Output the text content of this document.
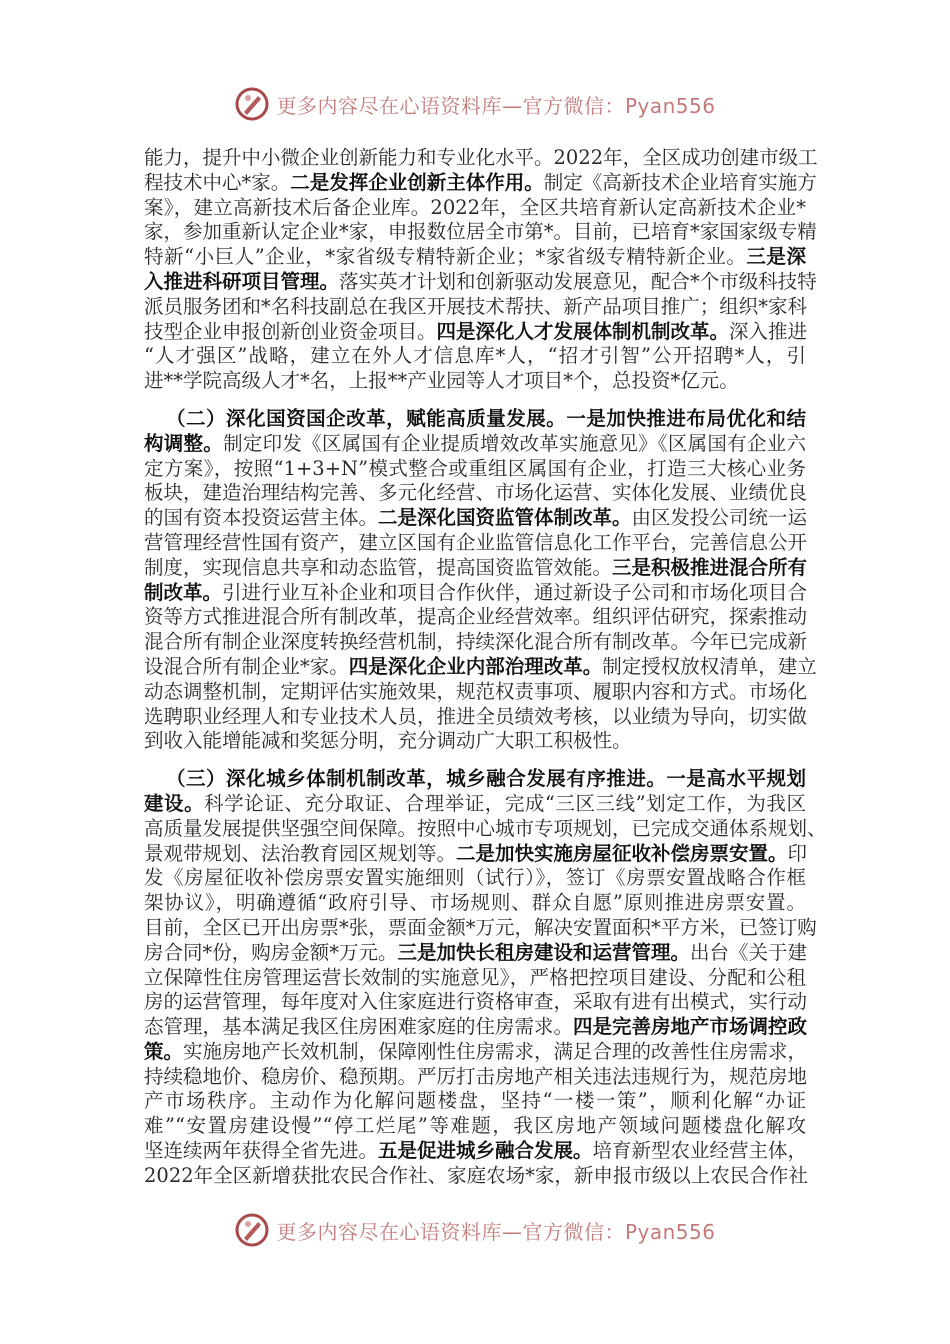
更多内容尽在心语资料库—官方微信：Pyan556
能力，提升中小微企业创新能力和专业化水平。2022年，全区成功创建市级工
程技术中心*家。二是发挥企业创新主体作用。制定《高新技术企业培育实施方
案》，建立高新技术后备企业库。2022年，全区共培育新认定高新技术企业*
家，参加重新认定企业*家，申报数位居全市第*。目前，已培育*家国家级专精
特新“小巨人”企业，*家省级专精特新企业；*家省级专精特新企业。三是深
入推进科研项目管理。落实英才计划和创新驱动发展意见，配合*个市级科技特
派员服务团和*名科技副总在我区开展技术帮扶、新产品项目推广；组织*家科
技型企业申报创新创业资金项目。四是深化人才发展体制机制改革。深入推进
“人才强区”战略，建立在外人才信息库*人，“招才引智”公开招聘*人，引
进**学院高级人才*名，上报**产业园等人才项目*个，总投资*亿元。
（二）深化国资国企改革，赋能高质量发展。一是加快推进布局优化和结
构调整。制定印发《区属国有企业提质增效改革实施意见》《区属国有企业六
定方案》，按照“1+3+N”模式整合或重组区属国有企业，打造三大核心业务
板块，建造治理结构完善、多元化经营、市场化运营、实体化发展、业绩优良
的国有资本投资运营主体。二是深化国资监管体制改革。由区发投公司统一运
营管理经营性国有资产，建立区国有企业监管信息化工作平台，完善信息公开
制度，实现信息共享和动态监管，提高国资监管效能。三是积极推进混合所有
制改革。引进行业互补企业和项目合作伙伴，通过新设子公司和市场化项目合
资等方式推进混合所有制改革，提高企业经营效率。组织评估研究，探索推动
混合所有制企业深度转换经营机制，持续深化混合所有制改革。今年已完成新
设混合所有制企业*家。四是深化企业内部治理改革。制定授权放权清单，建立
动态调整机制，定期评估实施效果，规范权责事项、履职内容和方式。市场化
选聘职业经理人和专业技术人员，推进全员绩效考核，以业绩为导向，切实做
到收入能增能减和奖惩分明，充分调动广大职工积极性。
（三）深化城乡体制机制改革，城乡融合发展有序推进。一是高水平规划
建设。科学论证、充分取证、合理举证，完成“三区三线”划定工作，为我区
高质量发展提供坚强空间保障。按照中心城市专项规划，已完成交通体系规划、
景观带规划、法治教育园区规划等。二是加快实施房屋征收补偿房票安置。印
发《房屋征收补偿房票安置实施细则（试行）》，签订《房票安置战略合作框
架协议》，明确遵循“政府引导、市场规则、群众自愿”原则推进房票安置。
目前，全区已开出房票*张，票面金额*万元，解决安置面积*平方米，已签订购
房合同*份，购房金额*万元。三是加快长租房建设和运营管理。出台《关于建
立保障性住房管理运营长效制的实施意见》，严格把控项目建设、分配和公租
房的运营管理，每年度对入住家庭进行资格审查，采取有进有出模式，实行动
态管理，基本满足我区住房困难家庭的住房需求。四是完善房地产市场调控政
策。实施房地产长效机制，保障刚性住房需求，满足合理的改善性住房需求，
持续稳地价、稳房价、稳预期。严厉打击房地产相关违法违规行为，规范房地
产市场秩序。主动作为化解问题楼盘，坚持“一楼一策”，顺利化解“办证
难”“安置房建设慢”“停工烂尾”等难题，我区房地产领域问题楼盘化解攻
坚连续两年获得全省先进。五是促进城乡融合发展。培育新型农业经营主体，
2022年全区新增获批农民合作社、家庭农场*家，新申报市级以上农民合作社
更多内容尽在心语资料库—官方微信：Pyan556
